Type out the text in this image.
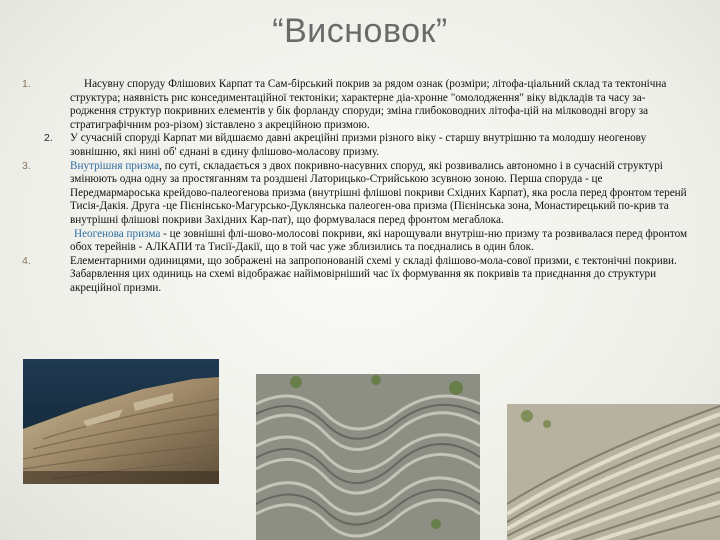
“Висновок”

1.	Насувну споруду Флішових Карпат та Сам-бірський покрив за рядом ознак (розміри; літофа-ціальний склад та тектонічна структура; наявність рис конседиментаційної тектоніки; характерне діа-хронне "омолодження" віку відкладів та часу за-родження структур покривних елементів у бік форланду споруди; зміна глибоководних літофа-цій на мілководні вгору за стратиграфічним роз-різом) зіставлено з акреційною призмою.

2.	У сучасній споруді Карпат ми вйдшаємо давні акреційні призми різного віку - старшу внутрішню та молодшу неогенову зовнішню, які нині об' єднані в єдину флішово-моласову призму.

3.	Внутрішня призма, по суті, складається з двох покривно-насувних споруд, які розвивались автономно і в сучасній структурі змінюють одна одну за простяганням та роздшені Латорицько-Стрийською зсувною зоною. Перша споруда - це Передмармароська крейдово-палеогенова призма (внутрішні флішові покриви Східних Карпат), яка росла перед фронтом теренй Тисія-Дакія. Друга -це Пієнінсько-Магурсько-Дуклянська палеоген-ова призма (Пієнінська зона, Монастирецький по-крив та внутрішні флішові покриви Західних Кар-пат), що формувалася перед фронтом мегаблока.

Неогенова призма - це зовнішні флі-шово-молосові покриви, які нарощували внутріш-ню призму та розвивалася перед фронтом обох терейнів - АЛКАПИ та Тисії-Дакії, що в той час уже зблизились та поєднались в один блок.

4.	Елементарними одиницями, що зображені на запропонованій схемі у складі флішово-мола-сової призми, є тектонічні покриви. Забарвлення цих одиниць на схемі відображає найімовірніший час їх формування як покривів та приєднання до структури акреційної призми.
